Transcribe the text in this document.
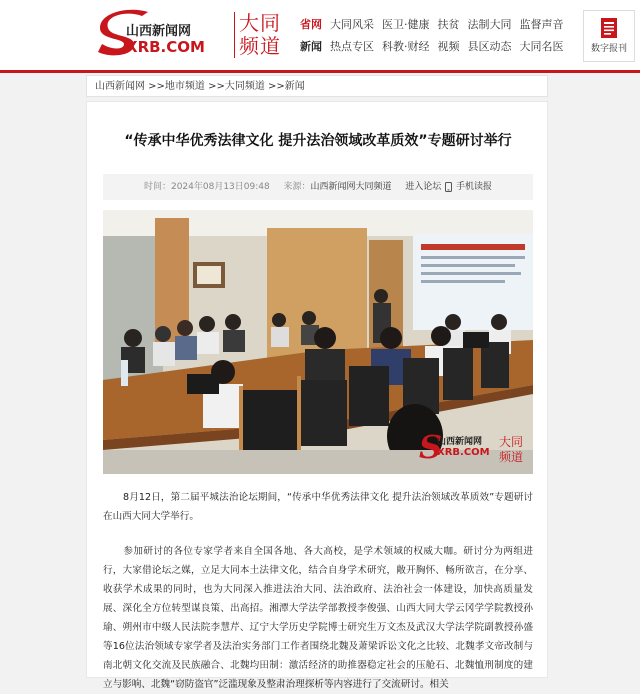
山西新闻网
XRB.COM
大同
频道
省网 大同风采 医卫·健康 扶贫 法制大同 监督声音
新闻 热点专区 科教·财经 视频 县区动态 大同名医	数字报刊
山西新闻网 >>地市频道 >>大同频道 >>新闻
“传承中华优秀法律文化 提升法治领域改革质效”专题研讨举行
时间：2024年08月13日09:48 来源：山西新闻网大同频道 进入论坛 手机读报
S
山西新闻网
XRB.COM
大同
频道
8月12日，第二届平城法治论坛期间，“传承中华优秀法律文化 提升法治领域改革质效”专题研讨在山西大同大学举行。
参加研讨的各位专家学者来自全国各地、各大高校，是学术领域的权威大咖。研讨分为两组进行，大家借论坛之媒，立足大同本土法律文化，结合自身学术研究，敞开胸怀、畅所欲言，在分享、收获学术成果的同时，也为大同深入推进法治大同、法治政府、法治社会一体建设，加快高质量发展、深化全方位转型谋良策、出高招。湘潭大学法学部教授李俊强、山西大同大学云冈学学院教授孙瑜、朔州市中级人民法院李慧芹、辽宁大学历史学院博士研究生万文杰及武汉大学法学院副教授孙盛等16位法治领域专家学者及法治实务部门工作者围绕北魏及萧梁诉讼文化之比较、北魏孝文帝改制与南北朝文化交流及民族融合、北魏均田制：激活经济的助推器稳定社会的压舱石、北魏恤刑制度的建立与影响、北魏“窃防盗官”泛滥现象及整肃治理探析等内容进行了交流研讨。相关
